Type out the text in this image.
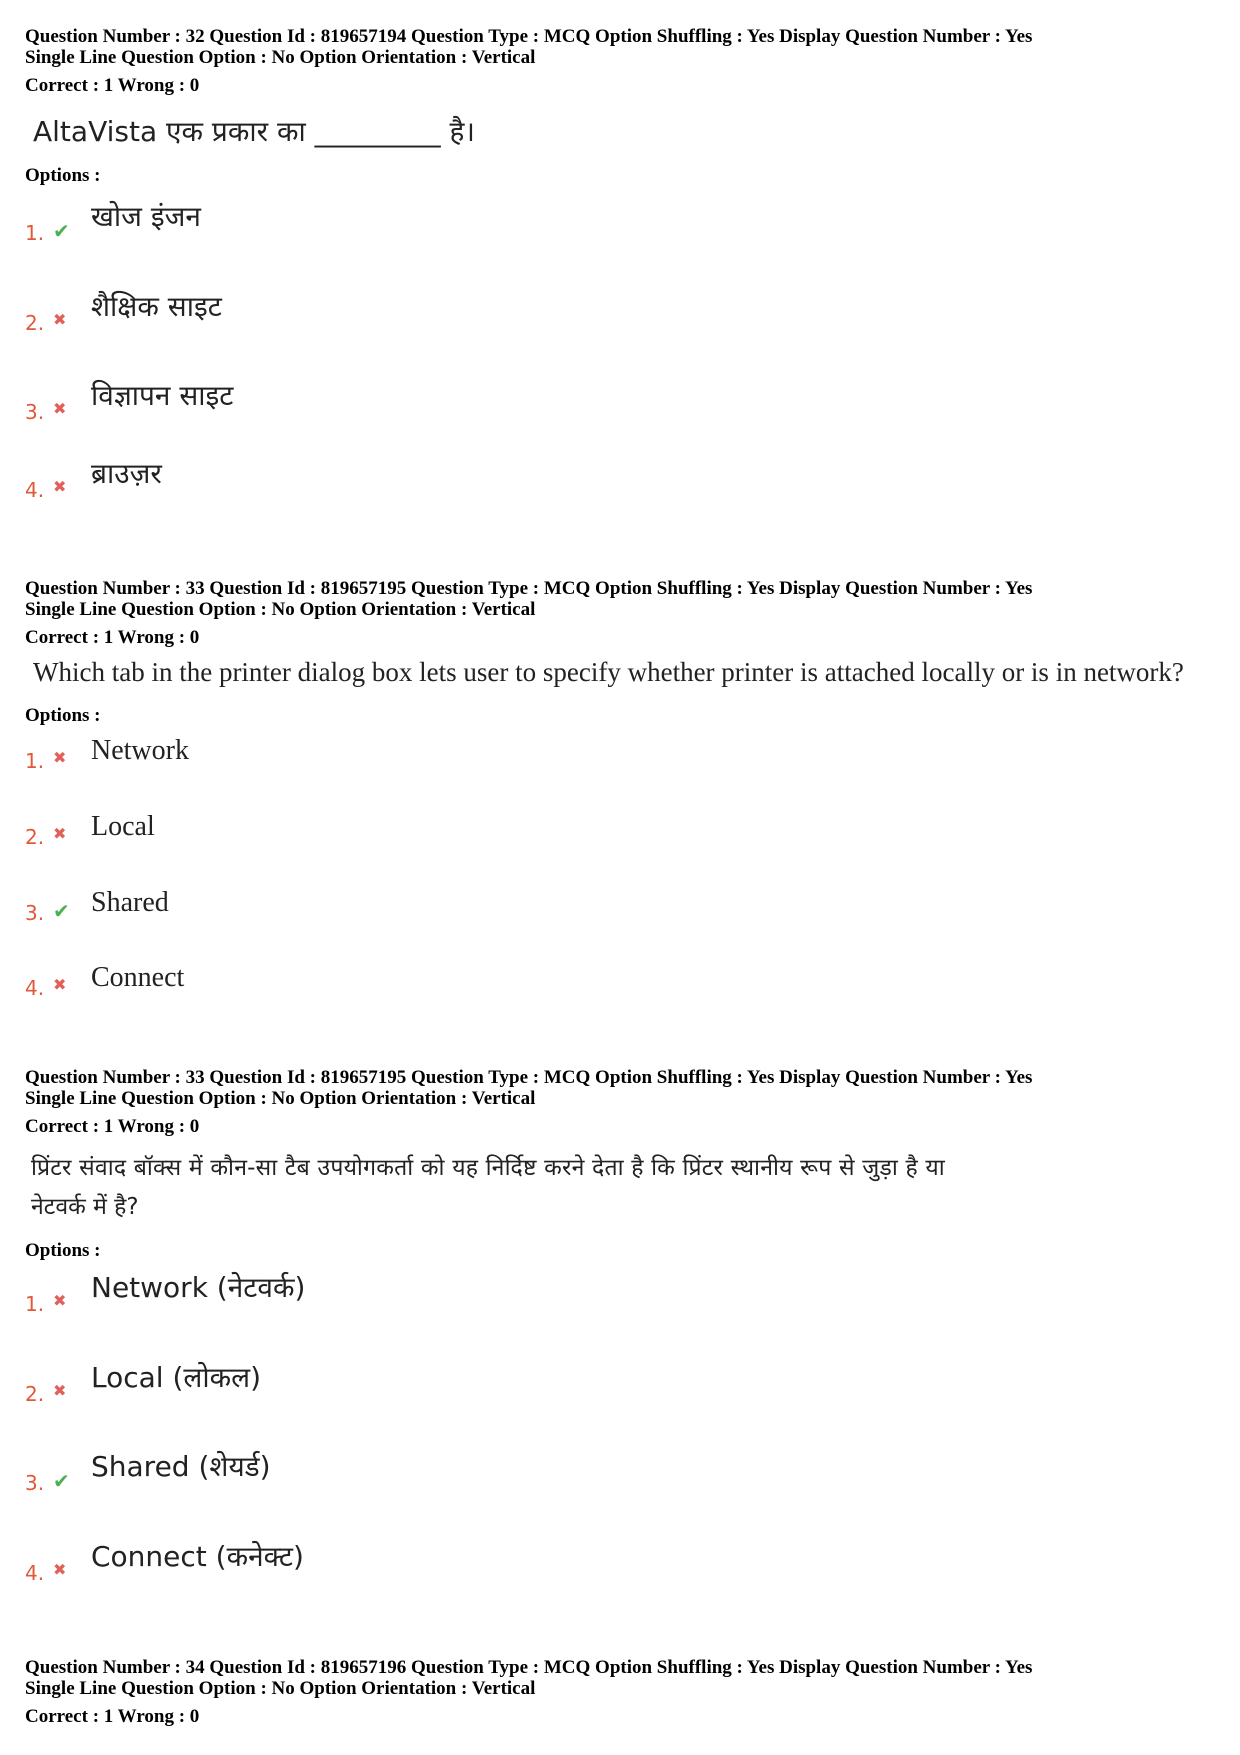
Question Number : 32 Question Id : 819657194 Question Type : MCQ Option Shuffling : Yes Display Question Number : Yes
Single Line Question Option : No Option Orientation : Vertical
Correct : 1 Wrong : 0
AltaVista एक प्रकार का _________ है।
Options :
1. ✔ खोज इंजन
2. ✖ शैक्षिक साइट
3. ✖ विज्ञापन साइट
4. ✖ ब्राउज़र
Question Number : 33 Question Id : 819657195 Question Type : MCQ Option Shuffling : Yes Display Question Number : Yes
Single Line Question Option : No Option Orientation : Vertical
Correct : 1 Wrong : 0
Which tab in the printer dialog box lets user to specify whether printer is attached locally or is in network?
Options :
1. ✖ Network
2. ✖ Local
3. ✔ Shared
4. ✖ Connect
Question Number : 33 Question Id : 819657195 Question Type : MCQ Option Shuffling : Yes Display Question Number : Yes
Single Line Question Option : No Option Orientation : Vertical
Correct : 1 Wrong : 0
प्रिंटर संवाद बॉक्स में कौन-सा टैब उपयोगकर्ता को यह निर्दिष्ट करने देता है कि प्रिंटर स्थानीय रूप से जुड़ा है या
नेटवर्क में है?
Options :
1. ✖ Network (नेटवर्क)
2. ✖ Local (लोकल)
3. ✔ Shared (शेयर्ड)
4. ✖ Connect (कनेक्ट)
Question Number : 34 Question Id : 819657196 Question Type : MCQ Option Shuffling : Yes Display Question Number : Yes
Single Line Question Option : No Option Orientation : Vertical
Correct : 1 Wrong : 0
